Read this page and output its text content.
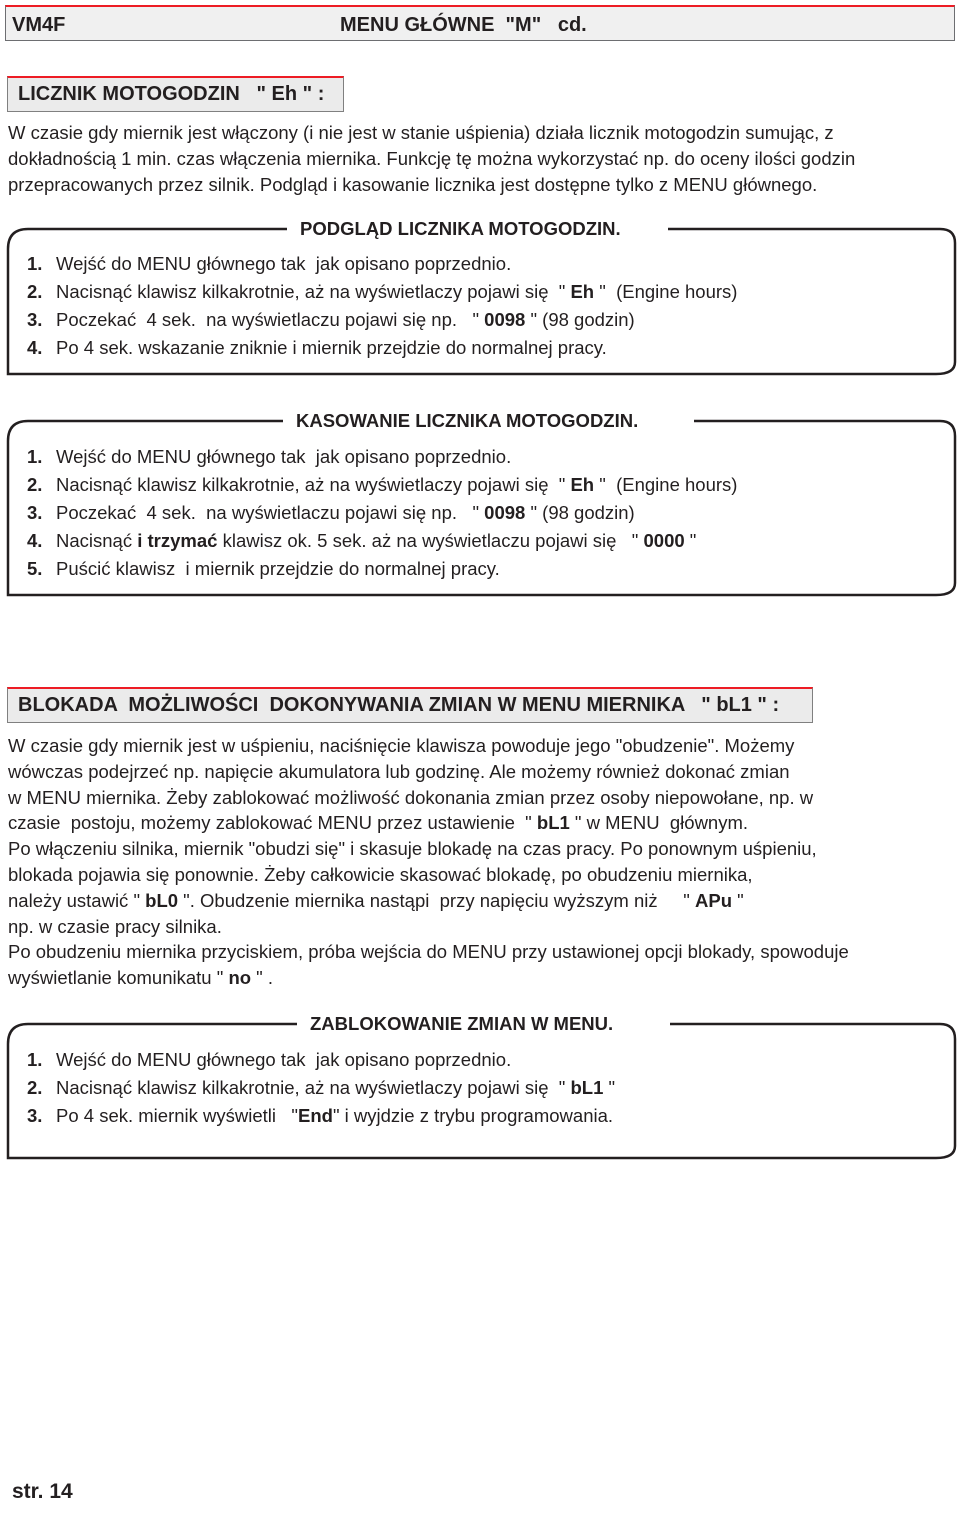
VM4F	MENU GŁÓWNE  "M"   cd.
LICZNIK MOTOGODZIN   " Eh " :

W czasie gdy miernik jest włączony (i nie jest w stanie uśpienia) działa licznik motogodzin sumując, z

dokładnością 1 min. czas włączenia miernika. Funkcję tę można wykorzystać np. do oceny ilości godzin

przepracowanych przez silnik. Podgląd i kasowanie licznika jest dostępne tylko z MENU głównego.

PODGLĄD LICZNIKA MOTOGODZIN.
1. Wejść do MENU głównego tak  jak opisano poprzednio.
2. Nacisnąć klawisz kilkakrotnie, aż na wyświetlaczy pojawi się  " Eh "  (Engine hours)
3. Poczekać  4 sek.  na wyświetlaczu pojawi się np.   " 0098 " (98 godzin)
4. Po 4 sek. wskazanie zniknie i miernik przejdzie do normalnej pracy.
KASOWANIE LICZNIKA MOTOGODZIN.
1. Wejść do MENU głównego tak  jak opisano poprzednio.
2. Nacisnąć klawisz kilkakrotnie, aż na wyświetlaczy pojawi się  " Eh "  (Engine hours)
3. Poczekać  4 sek.  na wyświetlaczu pojawi się np.   " 0098 " (98 godzin)
4. Nacisnąć i trzymać klawisz ok. 5 sek. aż na wyświetlaczu pojawi się   " 0000 "
5. Puścić klawisz  i miernik przejdzie do normalnej pracy.
BLOKADA  MOŻLIWOŚCI  DOKONYWANIA ZMIAN W MENU MIERNIKA   " bL1 " :

W czasie gdy miernik jest w uśpieniu, naciśnięcie klawisza powoduje jego "obudzenie". Możemy

wówczas podejrzeć np. napięcie akumulatora lub godzinę. Ale możemy również dokonać zmian

w MENU miernika. Żeby zablokować możliwość dokonania zmian przez osoby niepowołane, np. w

czasie  postoju, możemy zablokować MENU przez ustawienie  " bL1 " w MENU  głównym.

Po włączeniu silnika, miernik "obudzi się" i skasuje blokadę na czas pracy. Po ponownym uśpieniu,

blokada pojawia się ponownie. Żeby całkowicie skasować blokadę, po obudzeniu miernika,

należy ustawić " bL0 ". Obudzenie miernika nastąpi  przy napięciu wyższym niż     " APu "

np. w czasie pracy silnika.

Po obudzeniu miernika przyciskiem, próba wejścia do MENU przy ustawionej opcji blokady, spowoduje

wyświetlanie komunikatu " no " .

ZABLOKOWANIE ZMIAN W MENU.
1. Wejść do MENU głównego tak  jak opisano poprzednio.
2. Nacisnąć klawisz kilkakrotnie, aż na wyświetlaczy pojawi się  " bL1 "
3. Po 4 sek. miernik wyświetli   "End" i wyjdzie z trybu programowania.
str. 14
